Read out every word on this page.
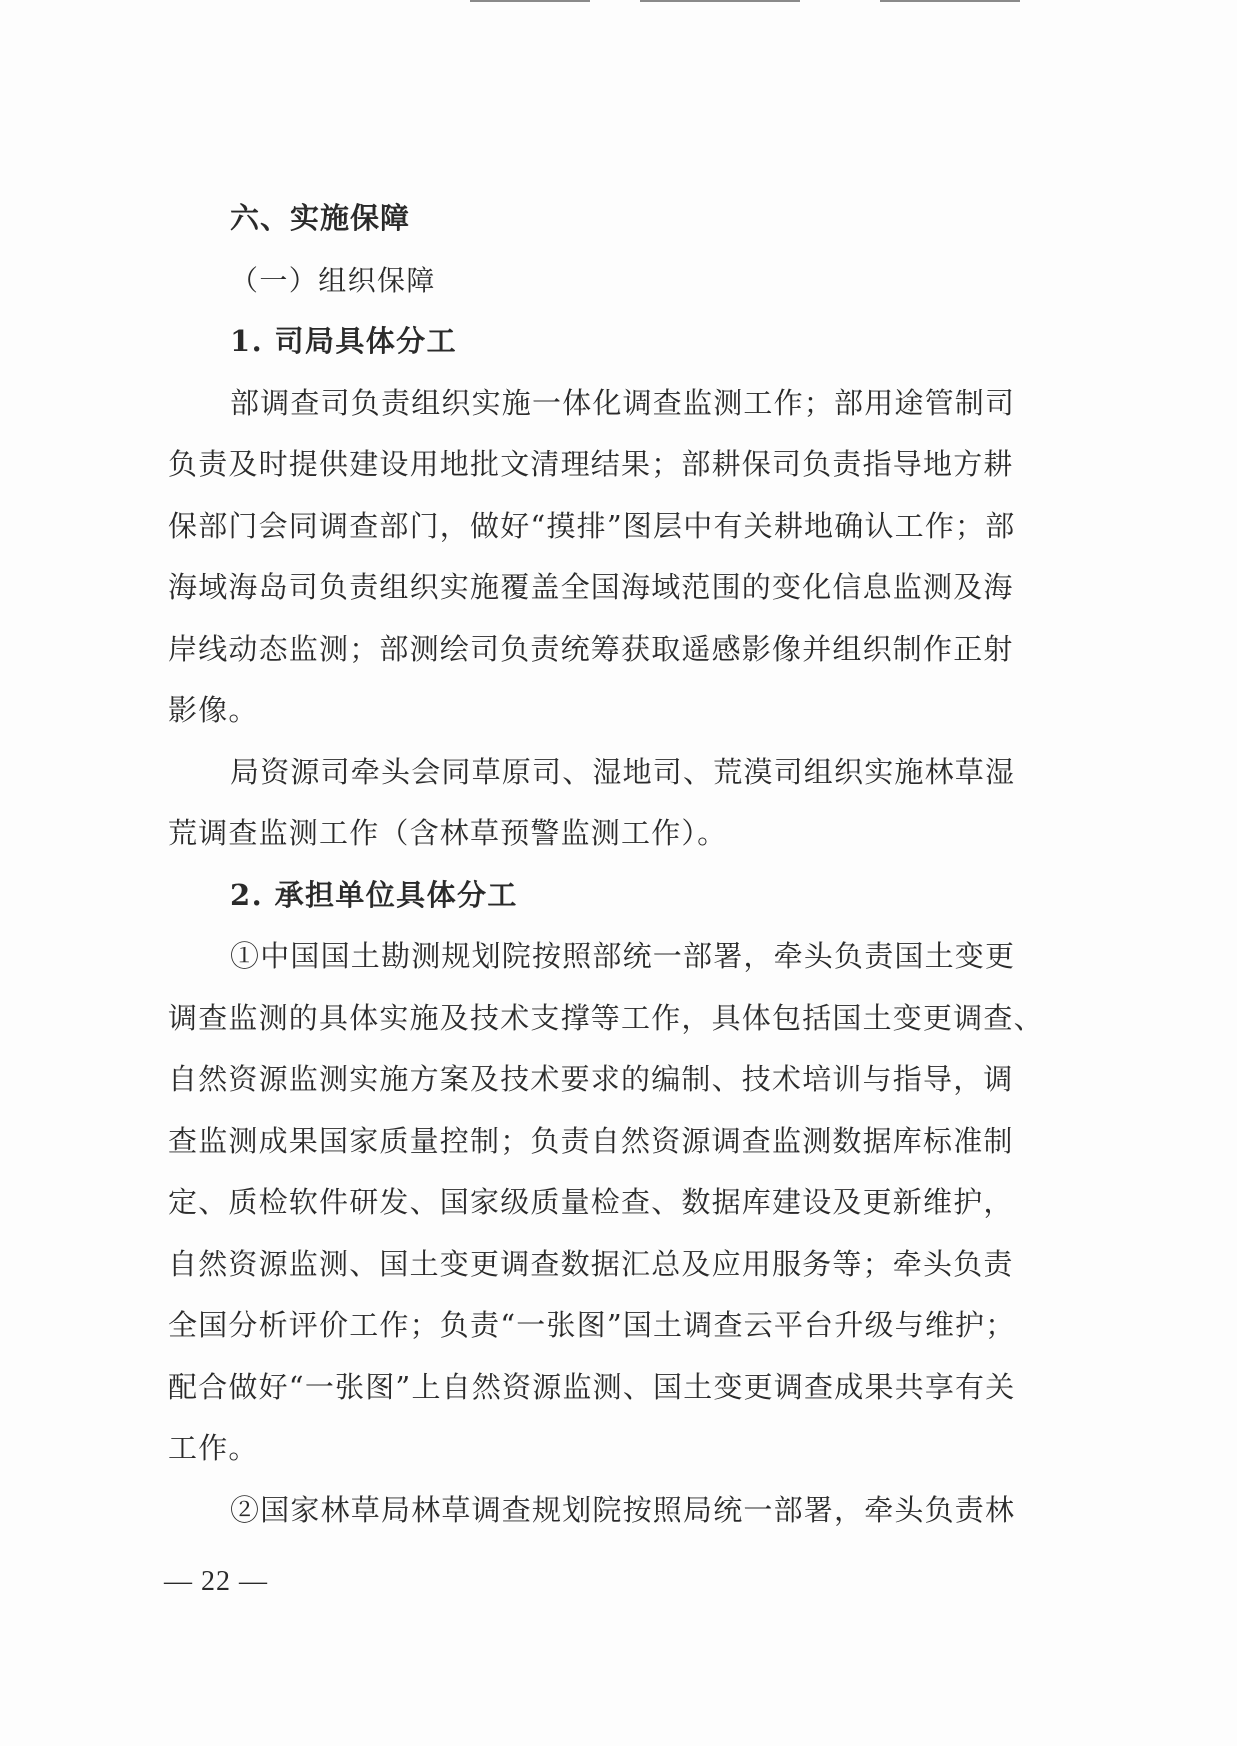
六、实施保障
（一）组织保障
1. 司局具体分工
部调查司负责组织实施一体化调查监测工作；部用途管制司
负责及时提供建设用地批文清理结果；部耕保司负责指导地方耕
保部门会同调查部门，做好“摸排”图层中有关耕地确认工作；部
海域海岛司负责组织实施覆盖全国海域范围的变化信息监测及海
岸线动态监测；部测绘司负责统筹获取遥感影像并组织制作正射
影像。
局资源司牵头会同草原司、湿地司、荒漠司组织实施林草湿
荒调查监测工作（含林草预警监测工作）。
2. 承担单位具体分工
①中国国土勘测规划院按照部统一部署，牵头负责国土变更
调查监测的具体实施及技术支撑等工作，具体包括国土变更调查、
自然资源监测实施方案及技术要求的编制、技术培训与指导，调
查监测成果国家质量控制；负责自然资源调查监测数据库标准制
定、质检软件研发、国家级质量检查、数据库建设及更新维护，
自然资源监测、国土变更调查数据汇总及应用服务等；牵头负责
全国分析评价工作；负责“一张图”国土调查云平台升级与维护；
配合做好“一张图”上自然资源监测、国土变更调查成果共享有关
工作。
②国家林草局林草调查规划院按照局统一部署，牵头负责林
— 22 —
